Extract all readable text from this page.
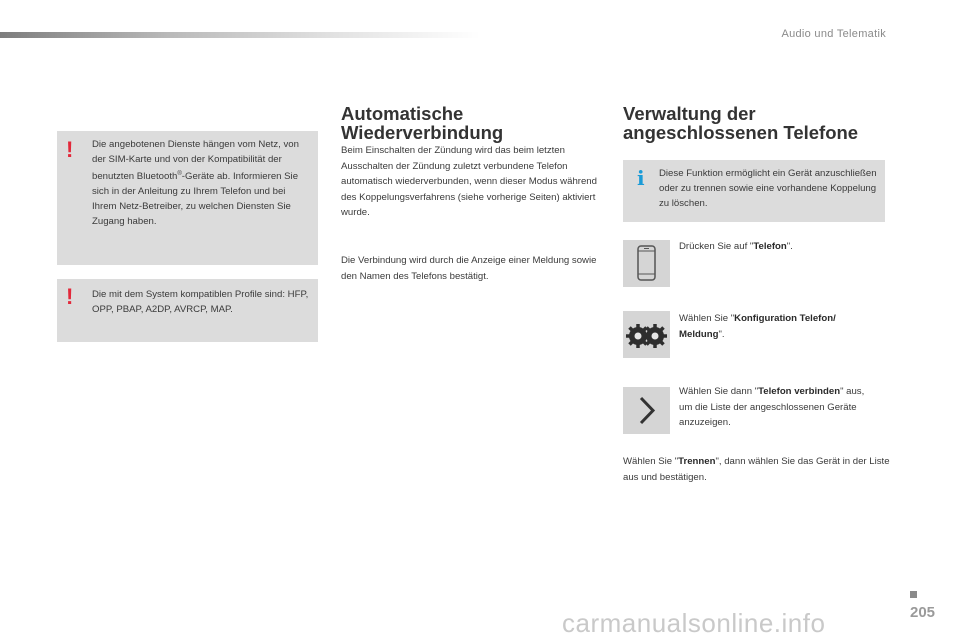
Audio und Telematik
! Die angebotenen Dienste hängen vom Netz, von der SIM-Karte und von der Kompatibilität der benutzten Bluetooth®-Geräte ab. Informieren Sie sich in der Anleitung zu Ihrem Telefon und bei Ihrem Netz-Betreiber, zu welchen Diensten Sie Zugang haben.
! Die mit dem System kompatiblen Profile sind: HFP, OPP, PBAP, A2DP, AVRCP, MAP.
Automatische Wiederverbindung
Beim Einschalten der Zündung wird das beim letzten Ausschalten der Zündung zuletzt verbundene Telefon automatisch wiederverbunden, wenn dieser Modus während des Koppelungsverfahrens (siehe vorherige Seiten) aktiviert wurde.
Die Verbindung wird durch die Anzeige einer Meldung sowie den Namen des Telefons bestätigt.
Verwaltung der angeschlossenen Telefone
i Diese Funktion ermöglicht ein Gerät anzuschließen oder zu trennen sowie eine vorhandene Koppelung zu löschen.
Drücken Sie auf "Telefon".
Wählen Sie "Konfiguration Telefon/ Meldung".
Wählen Sie dann "Telefon verbinden" aus, um die Liste der angeschlossenen Geräte anzuzeigen.
Wählen Sie "Trennen", dann wählen Sie das Gerät in der Liste aus und bestätigen.
205
carmanualsonline.info
